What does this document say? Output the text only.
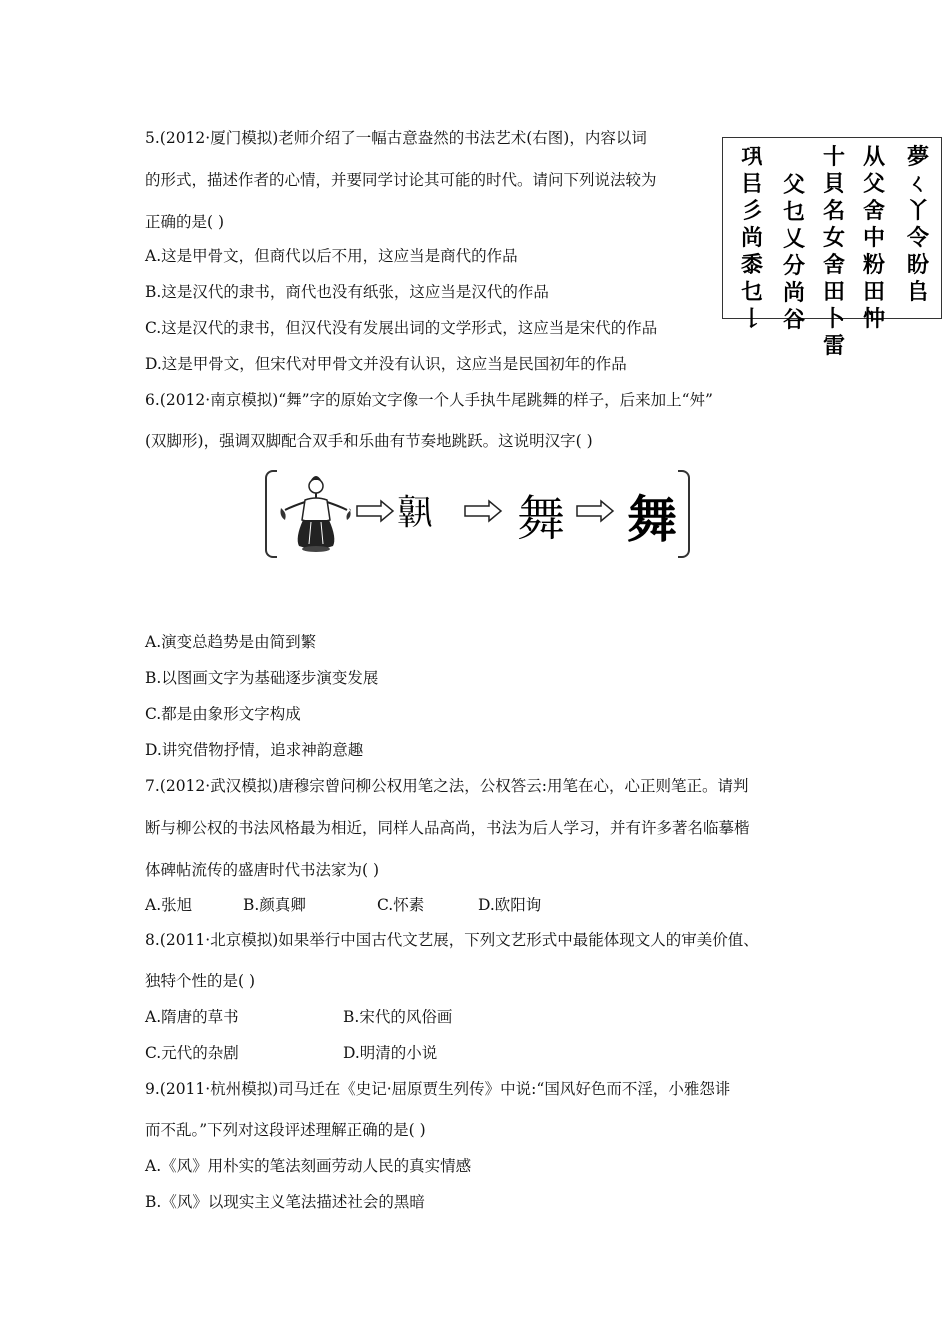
5.(2012·厦门模拟)老师介绍了一幅古意盎然的书法艺术(右图)，内容以词
的形式，描述作者的心情，并要同学讨论其可能的时代。请问下列说法较为
正确的是( )
A.这是甲骨文，但商代以后不用，这应当是商代的作品
B.这是汉代的隶书，商代也没有纸张，这应当是汉代的作品
C.这是汉代的隶书，但汉代没有发展出词的文学形式，这应当是宋代的作品
D.这是甲骨文，但宋代对甲骨文并没有认识，这应当是民国初年的作品
夢
ㄑ
丫
令
盼
𠂤
从
父
舍
中
粉
田
忡
十
貝
名
女
舍
田
卜
雷
父
乜
乂
分
尚
谷
𢀜
㠯
彡
尚
黍
乜
𠄌
6.(2012·南京模拟)“舞”字的原始文字像一个人手执牛尾跳舞的样子，后来加上“舛”
(双脚形)，强调双脚配合双手和乐曲有节奏地跳跃。这说明汉字( )
𦏧 舞 舞
A.演变总趋势是由简到繁
B.以图画文字为基础逐步演变发展
C.都是由象形文字构成
D.讲究借物抒情，追求神韵意趣
7.(2012·武汉模拟)唐穆宗曾问柳公权用笔之法，公权答云:用笔在心，心正则笔正。请判
断与柳公权的书法风格最为相近，同样人品高尚，书法为后人学习，并有许多著名临摹楷
体碑帖流传的盛唐时代书法家为( )
A.张旭	B.颜真卿	C.怀素	D.欧阳询
8.(2011·北京模拟)如果举行中国古代文艺展，下列文艺形式中最能体现文人的审美价值、
独特个性的是( )
A.隋唐的草书	B.宋代的风俗画
C.元代的杂剧	D.明清的小说
9.(2011·杭州模拟)司马迁在《史记·屈原贾生列传》中说:“国风好色而不淫，小雅怨诽
而不乱。”下列对这段评述理解正确的是( )
A.《风》用朴实的笔法刻画劳动人民的真实情感
B.《风》以现实主义笔法描述社会的黑暗
